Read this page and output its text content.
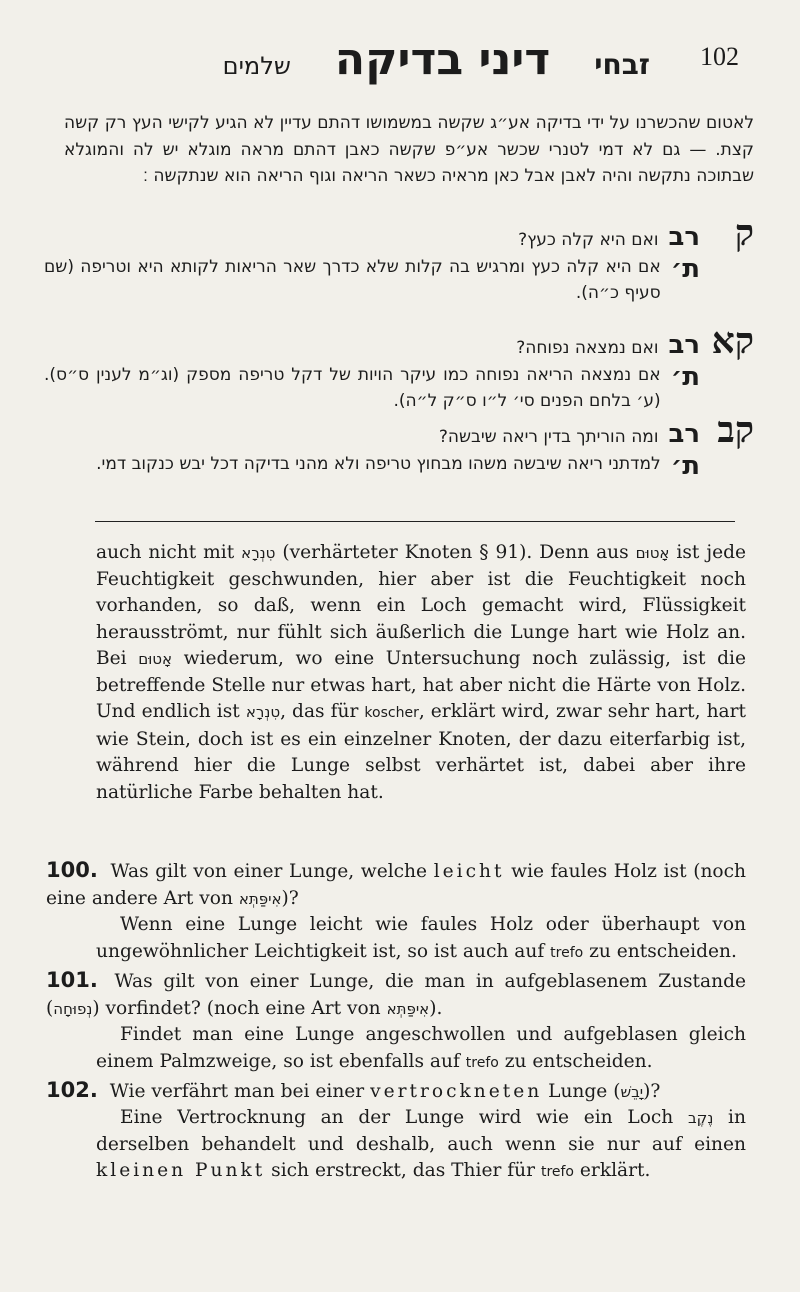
102
זבחי
דיני בדיקה
שלמים
לאטום שהכשרנו על ידי בדיקה אע״ג שקשה במשמושו דהתם עדיין לא הגיע לקישי העץ רק קשה קצת. — גם לא דמי לטנרי שכשר אע״פ שקשה כאבן דהתם מראה מוגלא יש לה והמוגלא שבתוכה נתקשה והיה לאבן אבל כאן מראיה כשאר הריאה וגוף הריאה הוא שנתקשה ׃
ק
רב
ואם היא קלה כעץ?
ת׳
אם היא קלה כעץ ומרגיש בה קלות שלא כדרך שאר הריאות לקותא היא וטריפה (שם סעיף כ״ה).
קא
רב
ואם נמצאה נפוחה?
ת׳
אם נמצאה הריאה נפוחה כמו עיקר הויות של דקל טריפה מספק (וג״מ לענין ס״ס). (ע׳ בלחם הפנים סי׳ ל״ו ס״ק ל״ה).
קב
רב
ומה הוריתך בדין ריאה שיבשה?
ת׳
למדתני ריאה שיבשה משהו מבחוץ טריפה ולא מהני בדיקה דכל יבש כנקוב דמי.

auch nicht mit טִנְרָא (verhärteter Knoten § 91). Denn aus אָטוּם ist jede Feuchtigkeit geschwunden, hier aber ist die Feuchtigkeit noch vorhanden, so daß, wenn ein Loch gemacht wird, Flüssigkeit herausströmt, nur fühlt sich äußerlich die Lunge hart wie Holz an. Bei אָטוּם wiederum, wo eine Untersuchung noch zulässig, ist die betreffende Stelle nur etwas hart, hat aber nicht die Härte von Holz. Und endlich ist טִנְרָא, das für koscher, erklärt wird, zwar sehr hart, hart wie Stein, doch ist es ein einzelner Knoten, der dazu eiterfarbig ist, während hier die Lunge selbst verhärtet ist, dabei aber ihre natürliche Farbe behalten hat.

100. Was gilt von einer Lunge, welche leicht wie faules Holz ist (noch eine andere Art von אִיפַּתְּא)?
Wenn eine Lunge leicht wie faules Holz oder überhaupt von ungewöhnlicher Leichtigkeit ist, so ist auch auf trefo zu entscheiden.
101. Was gilt von einer Lunge, die man in aufgeblasenem Zustande (נְפוּחָה) vorfindet? (noch eine Art von אִיפַּתְּא).
Findet man eine Lunge angeschwollen und aufgeblasen gleich einem Palmzweige, so ist ebenfalls auf trefo zu entscheiden.
102. Wie verfährt man bei einer vertrockneten Lunge (יָבֵשׁ)?
Eine Vertrocknung an der Lunge wird wie ein Loch נֶקֶב in derselben behandelt und deshalb, auch wenn sie nur auf einen kleinen Punkt sich erstreckt, das Thier für trefo erklärt.
